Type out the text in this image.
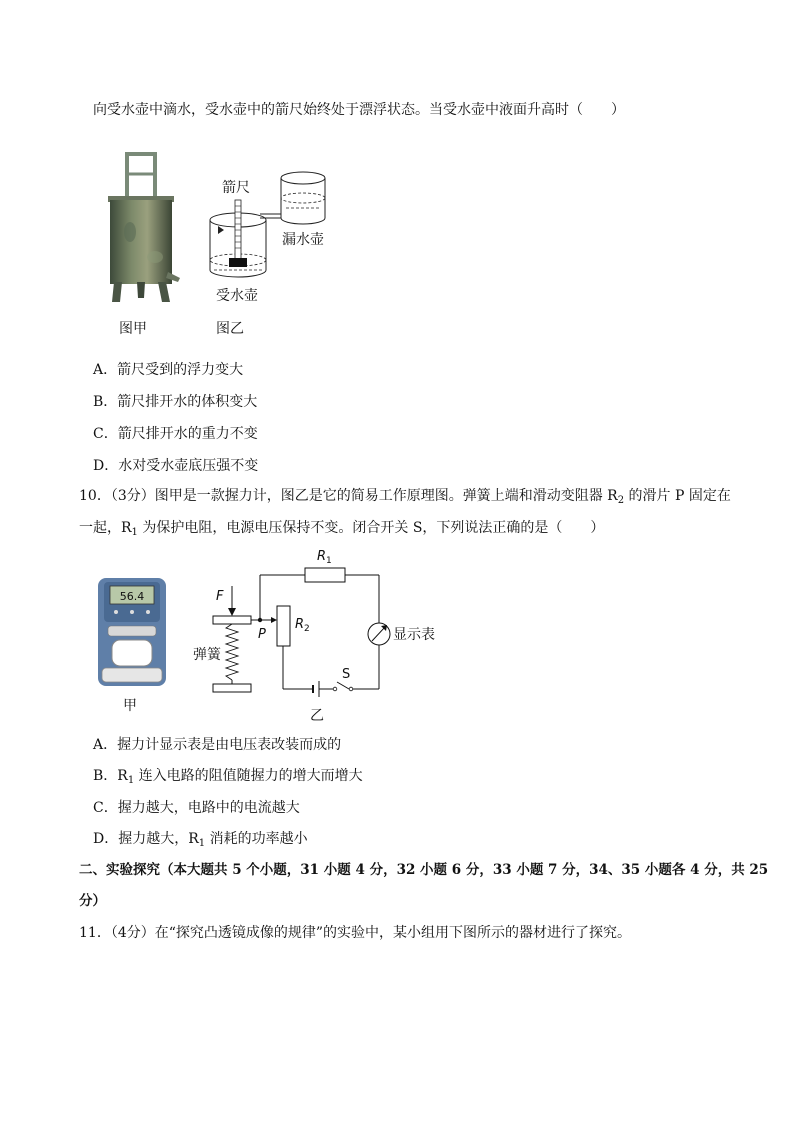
向受水壶中滴水，受水壶中的箭尺始终处于漂浮状态。当受水壶中液面升高时（　　）
箭尺
漏水壶
受水壶
图甲	图乙
A．箭尺受到的浮力变大
B．箭尺排开水的体积变大
C．箭尺排开水的重力不变
D．水对受水壶底压强不变
10．（3分）图甲是一款握力计，图乙是它的简易工作原理图。弹簧上端和滑动变阻器 $R_2$ 的滑片 P 固定在
一起，$R_1$ 为保护电阻，电源电压保持不变。闭合开关 S，下列说法正确的是（　　）
56.4
甲
F
弹簧
P
$R_2$
$R_1$
显示表
S
乙
A．握力计显示表是由电压表改装而成的
B．$R_1$ 连入电路的阻值随握力的增大而增大
C．握力越大，电路中的电流越大
D．握力越大，$R_1$ 消耗的功率越小
二、实验探究（本大题共 5 个小题，31 小题 4 分，32 小题 6 分，33 小题 7 分，34、35 小题各 4 分，共 25
分）
11．（4分）在“探究凸透镜成像的规律”的实验中，某小组用下图所示的器材进行了探究。
